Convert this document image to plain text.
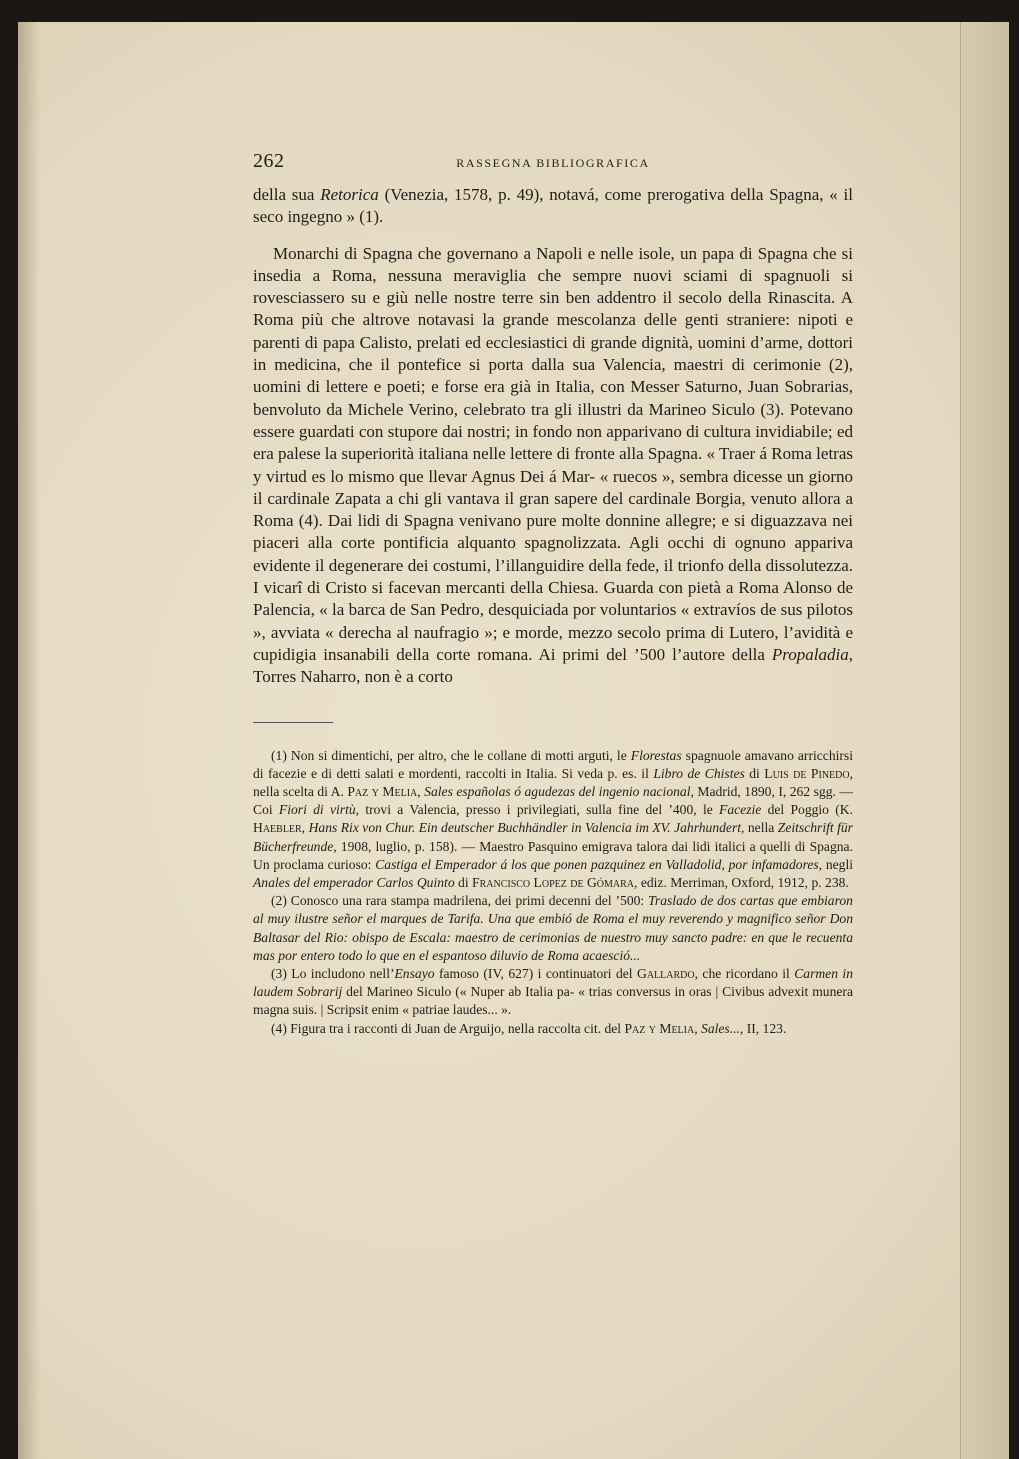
262	RASSEGNA BIBLIOGRAFICA

della sua Retorica (Venezia, 1578, p. 49), notavá, come prerogativa della Spagna, « il seco ingegno » (1).

Monarchi di Spagna che governano a Napoli e nelle isole, un papa di Spagna che si insedia a Roma, nessuna meraviglia che sempre nuovi sciami di spagnuoli si rovesciassero su e giù nelle nostre terre sin ben addentro il secolo della Rinascita. A Roma più che altrove notavasi la grande mescolanza delle genti straniere: nipoti e parenti di papa Calisto, prelati ed ecclesiastici di grande dignità, uomini d’arme, dottori in medicina, che il pontefice si porta dalla sua Valencia, maestri di cerimonie (2), uomini di lettere e poeti; e forse era già in Italia, con Messer Saturno, Juan Sobrarias, benvoluto da Michele Verino, celebrato tra gli illustri da Marineo Siculo (3). Potevano essere guardati con stupore dai nostri; in fondo non apparivano di cultura invidiabile; ed era palese la superiorità italiana nelle lettere di fronte alla Spagna. « Traer á Roma letras y virtud es lo mismo que llevar Agnus Dei á Mar- « ruecos », sembra dicesse un giorno il cardinale Zapata a chi gli vantava il gran sapere del cardinale Borgia, venuto allora a Roma (4). Dai lidi di Spagna venivano pure molte donnine allegre; e si diguazzava nei piaceri alla corte pontificia alquanto spagnolizzata. Agli occhi di ognuno appariva evidente il degenerare dei costumi, l’illanguidire della fede, il trionfo della dissolutezza. I vicarî di Cristo si facevan mercanti della Chiesa. Guarda con pietà a Roma Alonso de Palencia, « la barca de San Pedro, desquiciada por voluntarios « extravíos de sus pilotos », avviata « derecha al naufragio »; e morde, mezzo secolo prima di Lutero, l’avidità e cupidigia insanabili della corte romana. Ai primi del ’500 l’autore della Propaladia, Torres Naharro, non è a corto

(1) Non si dimentichi, per altro, che le collane di motti arguti, le Florestas spagnuole amavano arricchirsi di facezie e di detti salati e mordenti, raccolti in Italia. Si veda p. es. il Libro de Chistes di Luis de Pinedo, nella scelta di A. Paz y Melia, Sales españolas ó agudezas del ingenio nacional, Madrid, 1890, I, 262 sgg. — Coi Fiori di virtù, trovi a Valencia, presso i privilegiati, sulla fine del ’400, le Facezie del Poggio (K. Haebler, Hans Rix von Chur. Ein deutscher Buchhändler in Valencia im XV. Jahrhundert, nella Zeitschrift für Bücherfreunde, 1908, luglio, p. 158). — Maestro Pasquino emigrava talora dai lidi italici a quelli di Spagna. Un proclama curioso: Castiga el Emperador á los que ponen pazquinez en Valladolid, por infamadores, negli Anales del emperador Carlos Quinto di Francisco Lopez de Gómara, ediz. Merriman, Oxford, 1912, p. 238.

(2) Conosco una rara stampa madrilena, dei primi decenni del ’500: Traslado de dos cartas que embiaron al muy ilustre señor el marques de Tarifa. Una que embió de Roma el muy reverendo y magnifico señor Don Baltasar del Rio: obispo de Escala: maestro de cerimonias de nuestro muy sancto padre: en que le recuenta mas por entero todo lo que en el espantoso diluvio de Roma acaesció...

(3) Lo includono nell’Ensayo famoso (IV, 627) i continuatori del Gallardo, che ricordano il Carmen in laudem Sobrarij del Marineo Siculo (« Nuper ab Italia pa- « trias conversus in oras | Civibus advexit munera magna suis. | Scripsit enim « patriae laudes... ».

(4) Figura tra i racconti di Juan de Arguijo, nella raccolta cit. del Paz y Melia, Sales..., II, 123.
